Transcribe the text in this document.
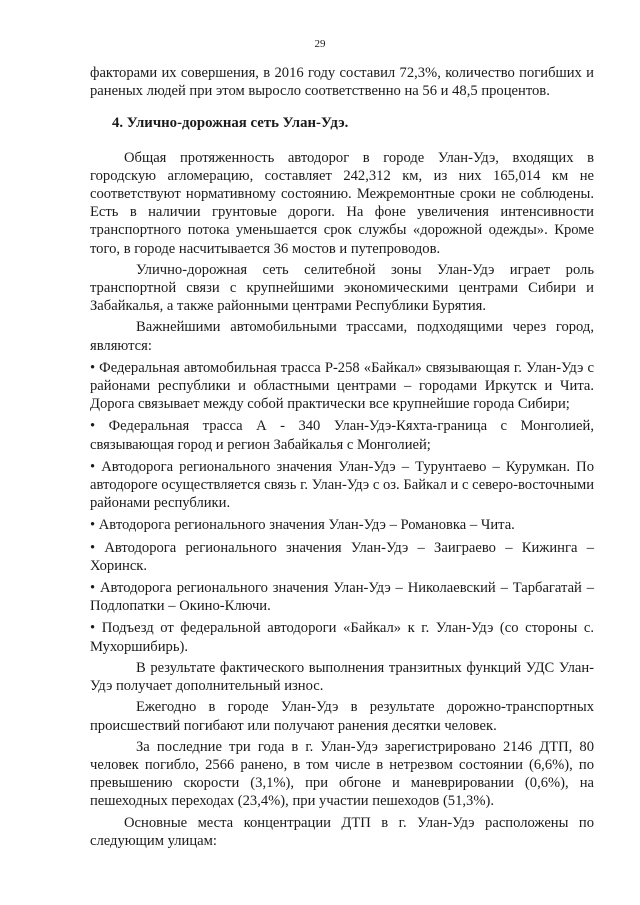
29

факторами их совершения, в 2016 году составил 72,3%, количество погибших и раненых людей при этом выросло соответственно на 56 и 48,5 процентов.

4. Улично-дорожная сеть Улан-Удэ.

Общая протяженность автодорог в городе Улан-Удэ, входящих в городскую агломерацию, составляет 242,312 км, из них 165,014 км не соответствуют нормативному состоянию. Межремонтные сроки не соблюдены. Есть в наличии грунтовые дороги. На фоне увеличения интенсивности транспортного потока уменьшается срок службы «дорожной одежды». Кроме того, в городе насчитывается 36 мостов и путепроводов.

Улично-дорожная сеть селитебной зоны Улан-Удэ играет роль транспортной связи с крупнейшими экономическими центрами Сибири и Забайкалья, а также районными центрами Республики Бурятия.

Важнейшими автомобильными трассами, подходящими через город, являются:

• Федеральная автомобильная трасса Р-258 «Байкал» связывающая г. Улан-Удэ с районами республики и областными центрами – городами Иркутск и Чита. Дорога связывает между собой практически все крупнейшие города Сибири;

• Федеральная трасса А - 340 Улан-Удэ-Кяхта-граница с Монголией, связывающая город и регион Забайкалья с Монголией;

• Автодорога регионального значения Улан-Удэ – Турунтаево – Курумкан. По автодороге осуществляется связь г. Улан-Удэ с оз. Байкал и с северо-восточными районами республики.

• Автодорога регионального значения Улан-Удэ – Романовка – Чита.

• Автодорога регионального значения Улан-Удэ – Заиграево – Кижинга – Хоринск.

• Автодорога регионального значения Улан-Удэ – Николаевский – Тарбагатай – Подлопатки – Окино-Ключи.

• Подъезд от федеральной автодороги «Байкал» к г. Улан-Удэ (со стороны с. Мухоршибирь).

В результате фактического выполнения транзитных функций УДС Улан-Удэ получает дополнительный износ.

Ежегодно в городе Улан-Удэ в результате дорожно-транспортных происшествий погибают или получают ранения десятки человек.

За последние три года в г. Улан-Удэ зарегистрировано 2146 ДТП, 80 человек погибло, 2566 ранено, в том числе в нетрезвом состоянии (6,6%), по превышению скорости (3,1%), при обгоне и маневрировании (0,6%), на пешеходных переходах (23,4%), при участии пешеходов (51,3%).

Основные места концентрации ДТП в г. Улан-Удэ расположены по следующим улицам:
